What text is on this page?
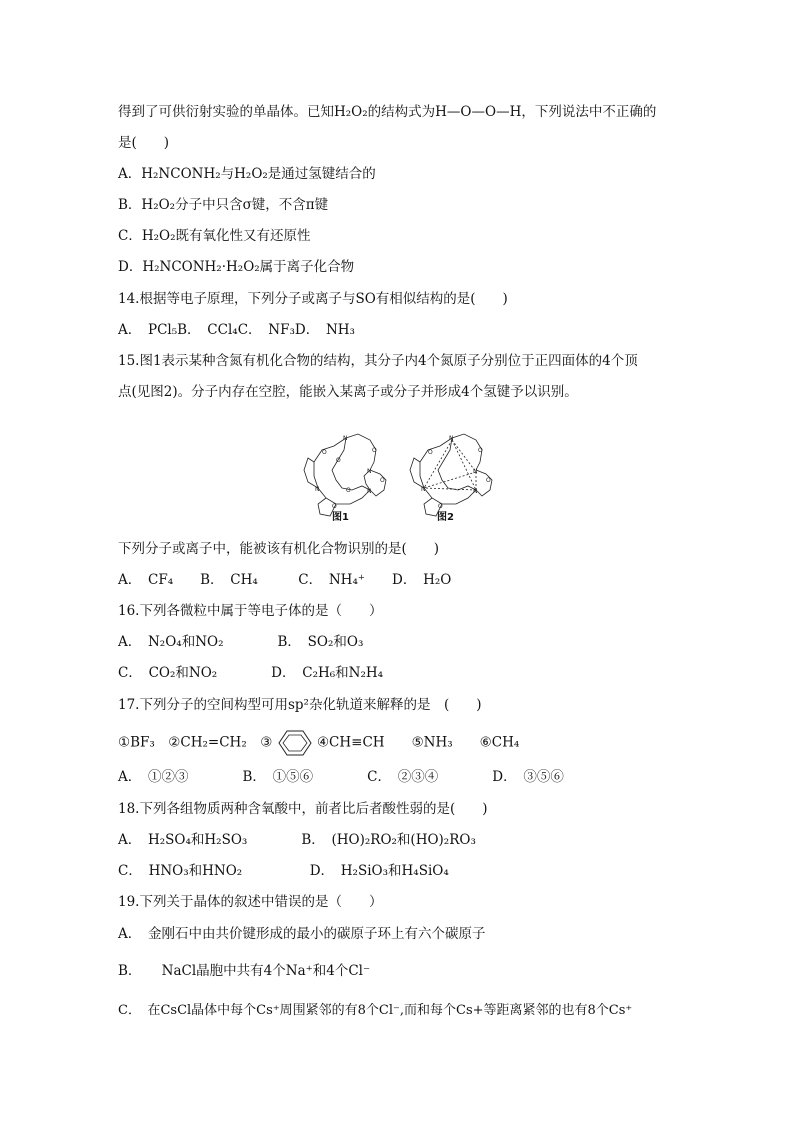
得到了可供衍射实验的单晶体。已知H₂O₂的结构式为H—O—O—H，下列说法中不正确的
是(　　)
A．H₂NCONH₂与H₂O₂是通过氢键结合的
B．H₂O₂分子中只含σ键，不含π键
C．H₂O₂既有氧化性又有还原性
D．H₂NCONH₂·H₂O₂属于离子化合物
14.根据等电子原理，下列分子或离子与SO有相似结构的是(　　)
A．　PCl₅B．　CCl₄C．　NF₃D．　NH₃
15.图1表示某种含氮有机化合物的结构，其分子内4个氮原子分别位于正四面体的4个顶
点(见图2)。分子内存在空腔，能嵌入某离子或分子并形成4个氢键予以识别。
N
N
N
N
O
O
O
O
O
O
N
N
N
N
O	O
O
O
图1	图2
下列分子或离子中，能被该有机化合物识别的是(　　)
A．　CF₄　　B．　CH₄　　　C．　NH₄⁺　　D．　H₂O
16.下列各微粒中属于等电子体的是（　　）
A．　N₂O₄和NO₂　　　　B．　SO₂和O₃
C．　CO₂和NO₂　　　　D．　C₂H₆和N₂H₄
17.下列分子的空间构型可用sp²杂化轨道来解释的是　(　　)
①BF₃　②CH₂=CH₂　③	④CH≡CH　　⑤NH₃　　⑥CH₄
A．　①②③　　　　B．　①⑤⑥　　　　C．　②③④　　　　D．　③⑤⑥
18.下列各组物质两种含氧酸中，前者比后者酸性弱的是(　　)
A．　H₂SO₄和H₂SO₃　　　　B．　(HO)₂RO₂和(HO)₂RO₃
C．　HNO₃和HNO₂　　　　　D．　H₂SiO₃和H₄SiO₄
19.下列关于晶体的叙述中错误的是（　　）
A．　金刚石中由共价键形成的最小的碳原子环上有六个碳原子
B．　　NaCl晶胞中共有4个Na⁺和4个Cl⁻
C．　在CsCl晶体中每个Cs⁺周围紧邻的有8个Cl⁻,而和每个Cs+等距离紧邻的也有8个Cs⁺
